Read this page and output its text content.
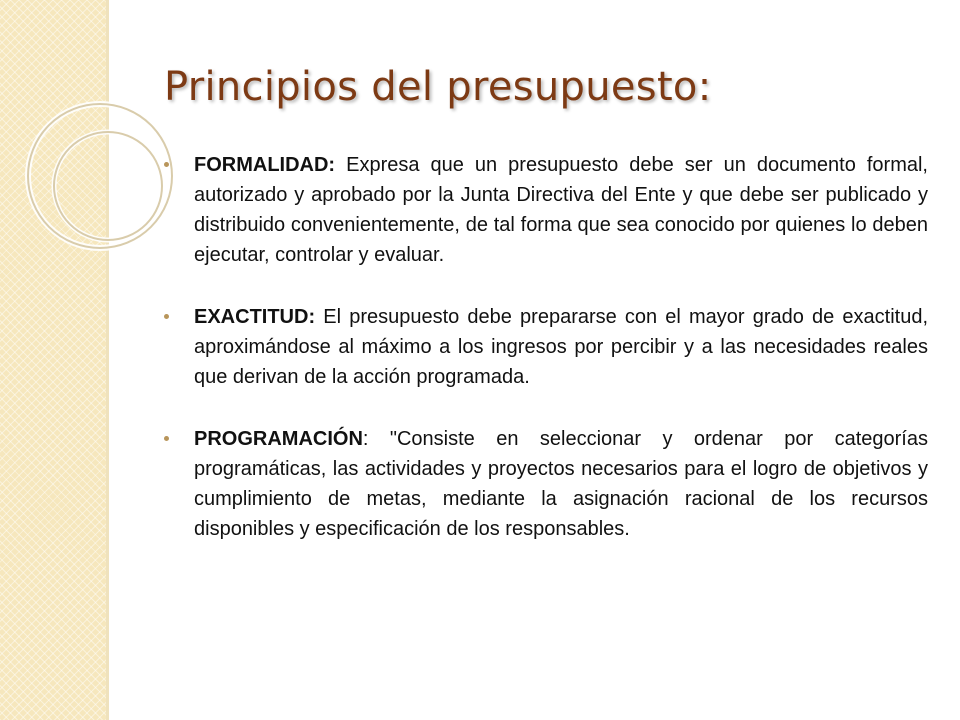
Principios del presupuesto:
FORMALIDAD: Expresa que un presupuesto debe ser un documento formal, autorizado y aprobado por la Junta Directiva del Ente y que debe ser publicado y distribuido convenientemente, de tal forma que sea conocido por quienes lo deben ejecutar, controlar y evaluar.
EXACTITUD: El presupuesto debe prepararse con el mayor grado de exactitud, aproximándose al máximo a los ingresos por percibir y a las necesidades reales que derivan de la acción programada.
PROGRAMACIÓN: "Consiste en seleccionar y ordenar por categorías programáticas, las actividades y proyectos necesarios para el logro de objetivos y cumplimiento de metas, mediante la asignación racional de los recursos disponibles y especificación de los responsables.
